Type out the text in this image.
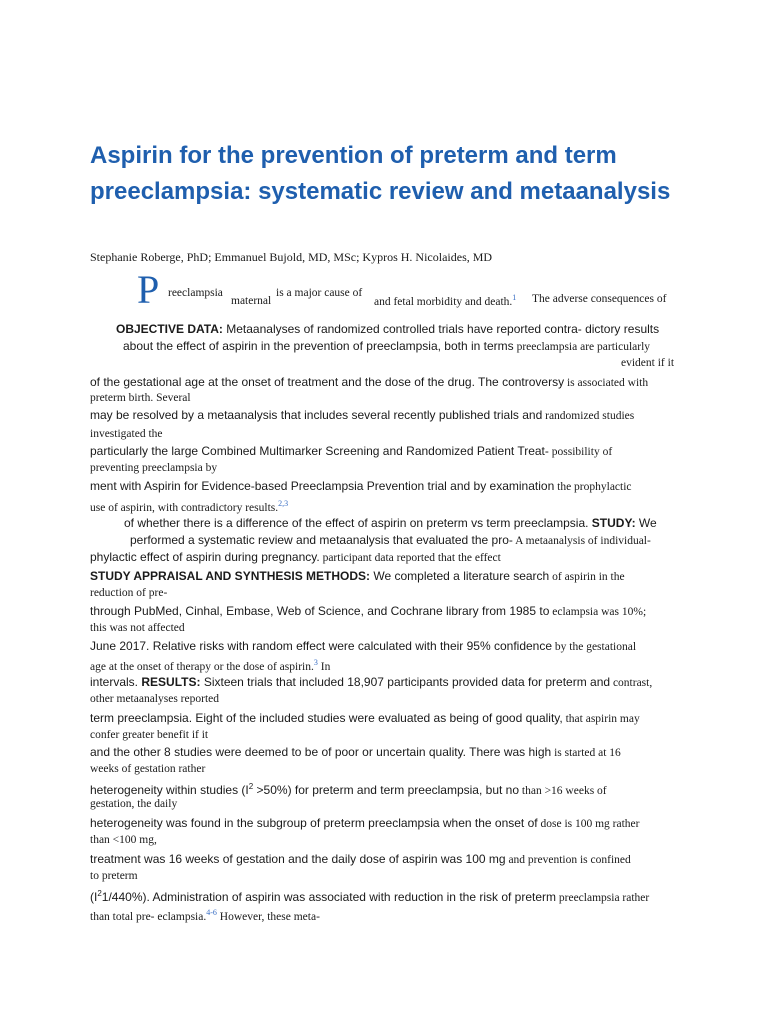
Aspirin for the prevention of preterm and term preeclampsia: systematic review and metaanalysis
Stephanie Roberge, PhD; Emmanuel Bujold, MD, MSc; Kypros H. Nicolaides, MD
P reeclampsia
maternal
is a major cause of
and fetal morbidity and death.$^1$ The adverse consequences of
OBJECTIVE DATA: Metaanalyses of randomized controlled trials have reported contra- dictory results
about the effect of aspirin in the prevention of preeclampsia, both in terms preeclampsia are particularly
evident if it
of the gestational age at the onset of treatment and the dose of the drug. The controversy is associated with
preterm birth. Several
may be resolved by a metaanalysis that includes several recently published trials and randomized studies
investigated the
particularly the large Combined Multimarker Screening and Randomized Patient Treat- possibility of
preventing preeclampsia by
ment with Aspirin for Evidence-based Preeclampsia Prevention trial and by examination the prophylactic
use of aspirin, with contradictory results.$^{2,3}$
of whether there is a difference of the effect of aspirin on preterm vs term preeclampsia. STUDY: We
performed a systematic review and metaanalysis that evaluated the pro- A metaanalysis of individual-
phylactic effect of aspirin during pregnancy. participant data reported that the effect
STUDY APPRAISAL AND SYNTHESIS METHODS: We completed a literature search of aspirin in the
reduction of pre-
through PubMed, Cinhal, Embase, Web of Science, and Cochrane library from 1985 to eclampsia was 10%;
this was not affected
June 2017. Relative risks with random effect were calculated with their 95% confidence by the gestational
age at the onset of therapy or the dose of aspirin.$^3$ In
intervals. RESULTS: Sixteen trials that included 18,907 participants provided data for preterm and contrast,
other metaanalyses reported
term preeclampsia. Eight of the included studies were evaluated as being of good quality, that aspirin may
confer greater benefit if it
and the other 8 studies were deemed to be of poor or uncertain quality. There was high is started at 16
weeks of gestation rather
heterogeneity within studies $(I^2 >50\%)$ for preterm and term preeclampsia, but no than >16 weeks of
gestation, the daily
heterogeneity was found in the subgroup of preterm preeclampsia when the onset of dose is 100 mg rather
than <100 mg,
treatment was 16 weeks of gestation and the daily dose of aspirin was 100 mg and prevention is confined
to preterm
$(I^21/440\%)$. Administration of aspirin was associated with reduction in the risk of preterm preeclampsia rather
than total pre- eclampsia.$^{4-6}$ However, these meta-
